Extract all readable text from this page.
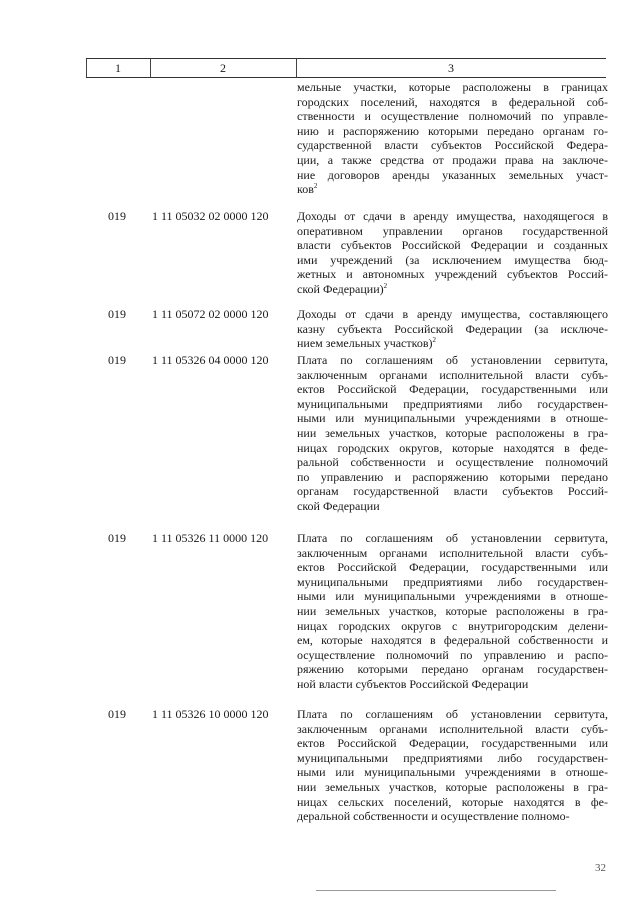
1	2	3

мельные участки, которые расположены в границах

городских поселений, находятся в федеральной соб-

ственности и осуществление полномочий по управле-

нию и распоряжению которыми передано органам го-

сударственной власти субъектов Российской Федера-

ции, а также средства от продажи права на заключе-

ние договоров аренды указанных земельных участ-

ков$^2$

019	1 11 05032 02 0000 120	Доходы от сдачи в аренду имущества, находящегося в

оперативном управлении органов государственной

власти субъектов Российской Федерации и созданных

ими учреждений (за исключением имущества бюд-

жетных и автономных учреждений субъектов Россий-

ской Федерации)$^2$

019	1 11 05072 02 0000 120	Доходы от сдачи в аренду имущества, составляющего

казну субъекта Российской Федерации (за исключе-

нием земельных участков)$^2$

019	1 11 05326 04 0000 120	Плата по соглашениям об установлении сервитута,

заключенным органами исполнительной власти субъ-

ектов Российской Федерации, государственными или

муниципальными предприятиями либо государствен-

ными или муниципальными учреждениями в отноше-

нии земельных участков, которые расположены в гра-

ницах городских округов, которые находятся в феде-

ральной собственности и осуществление полномочий

по управлению и распоряжению которыми передано

органам государственной власти субъектов Россий-

ской Федерации

019	1 11 05326 11 0000 120	Плата по соглашениям об установлении сервитута,

заключенным органами исполнительной власти субъ-

ектов Российской Федерации, государственными или

муниципальными предприятиями либо государствен-

ными или муниципальными учреждениями в отноше-

нии земельных участков, которые расположены в гра-

ницах городских округов с внутригородским делени-

ем, которые находятся в федеральной собственности и

осуществление полномочий по управлению и распо-

ряжению которыми передано органам государствен-

ной власти субъектов Российской Федерации

019	1 11 05326 10 0000 120	Плата по соглашениям об установлении сервитута,

заключенным органами исполнительной власти субъ-

ектов Российской Федерации, государственными или

муниципальными предприятиями либо государствен-

ными или муниципальными учреждениями в отноше-

нии земельных участков, которые расположены в гра-

ницах сельских поселений, которые находятся в фе-

деральной собственности и осуществление полномо-

32
